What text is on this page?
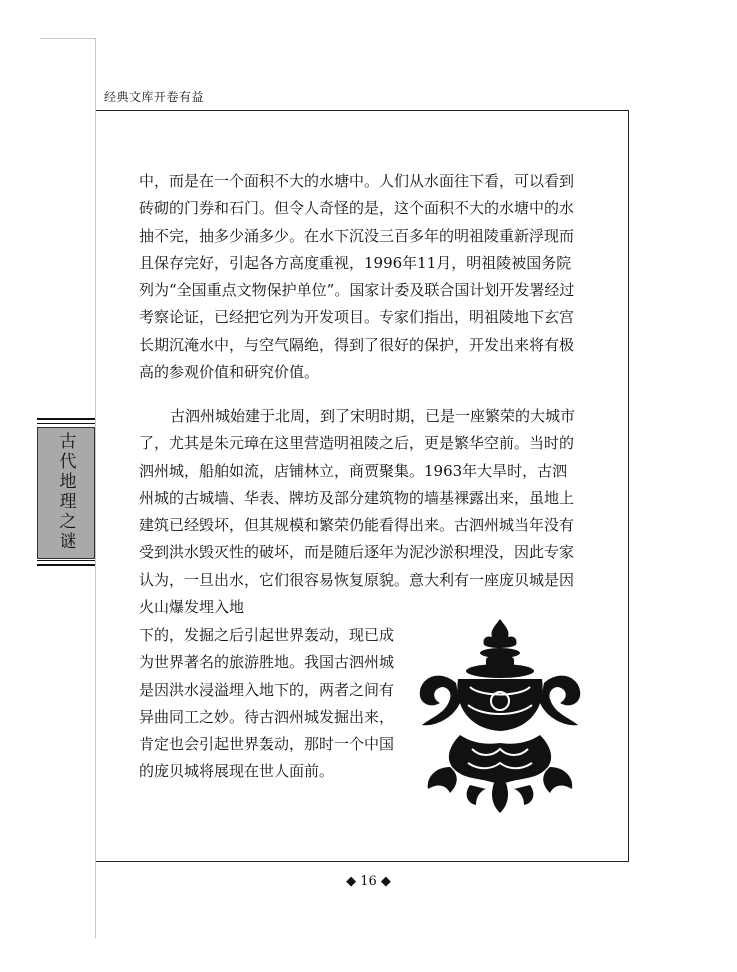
经典文库开卷有益
古代地理之谜
中，而是在一个面积不大的水塘中。人们从水面往下看，可以看到砖砌的门券和石门。但令人奇怪的是，这个面积不大的水塘中的水抽不完，抽多少涌多少。在水下沉没三百多年的明祖陵重新浮现而且保存完好，引起各方高度重视，1996年11月，明祖陵被国务院列为“全国重点文物保护单位”。国家计委及联合国计划开发署经过考察论证，已经把它列为开发项目。专家们指出，明祖陵地下玄宫长期沉淹水中，与空气隔绝，得到了很好的保护，开发出来将有极高的参观价值和研究价值。
古泗州城始建于北周，到了宋明时期，已是一座繁荣的大城市了，尤其是朱元璋在这里营造明祖陵之后，更是繁华空前。当时的泗州城，船舶如流，店铺林立，商贾聚集。1963年大旱时，古泗州城的古城墙、华表、牌坊及部分建筑物的墙基裸露出来，虽地上建筑已经毁坏，但其规模和繁荣仍能看得出来。古泗州城当年没有受到洪水毁灭性的破坏，而是随后逐年为泥沙淤积埋没，因此专家认为，一旦出水，它们很容易恢复原貌。意大利有一座庞贝城是因火山爆发埋入地
下的，发掘之后引起世界轰动，现已成为世界著名的旅游胜地。我国古泗州城是因洪水浸溢埋入地下的，两者之间有异曲同工之妙。待古泗州城发掘出来，肯定也会引起世界轰动，那时一个中国的庞贝城将展现在世人面前。
◆ 16 ◆
